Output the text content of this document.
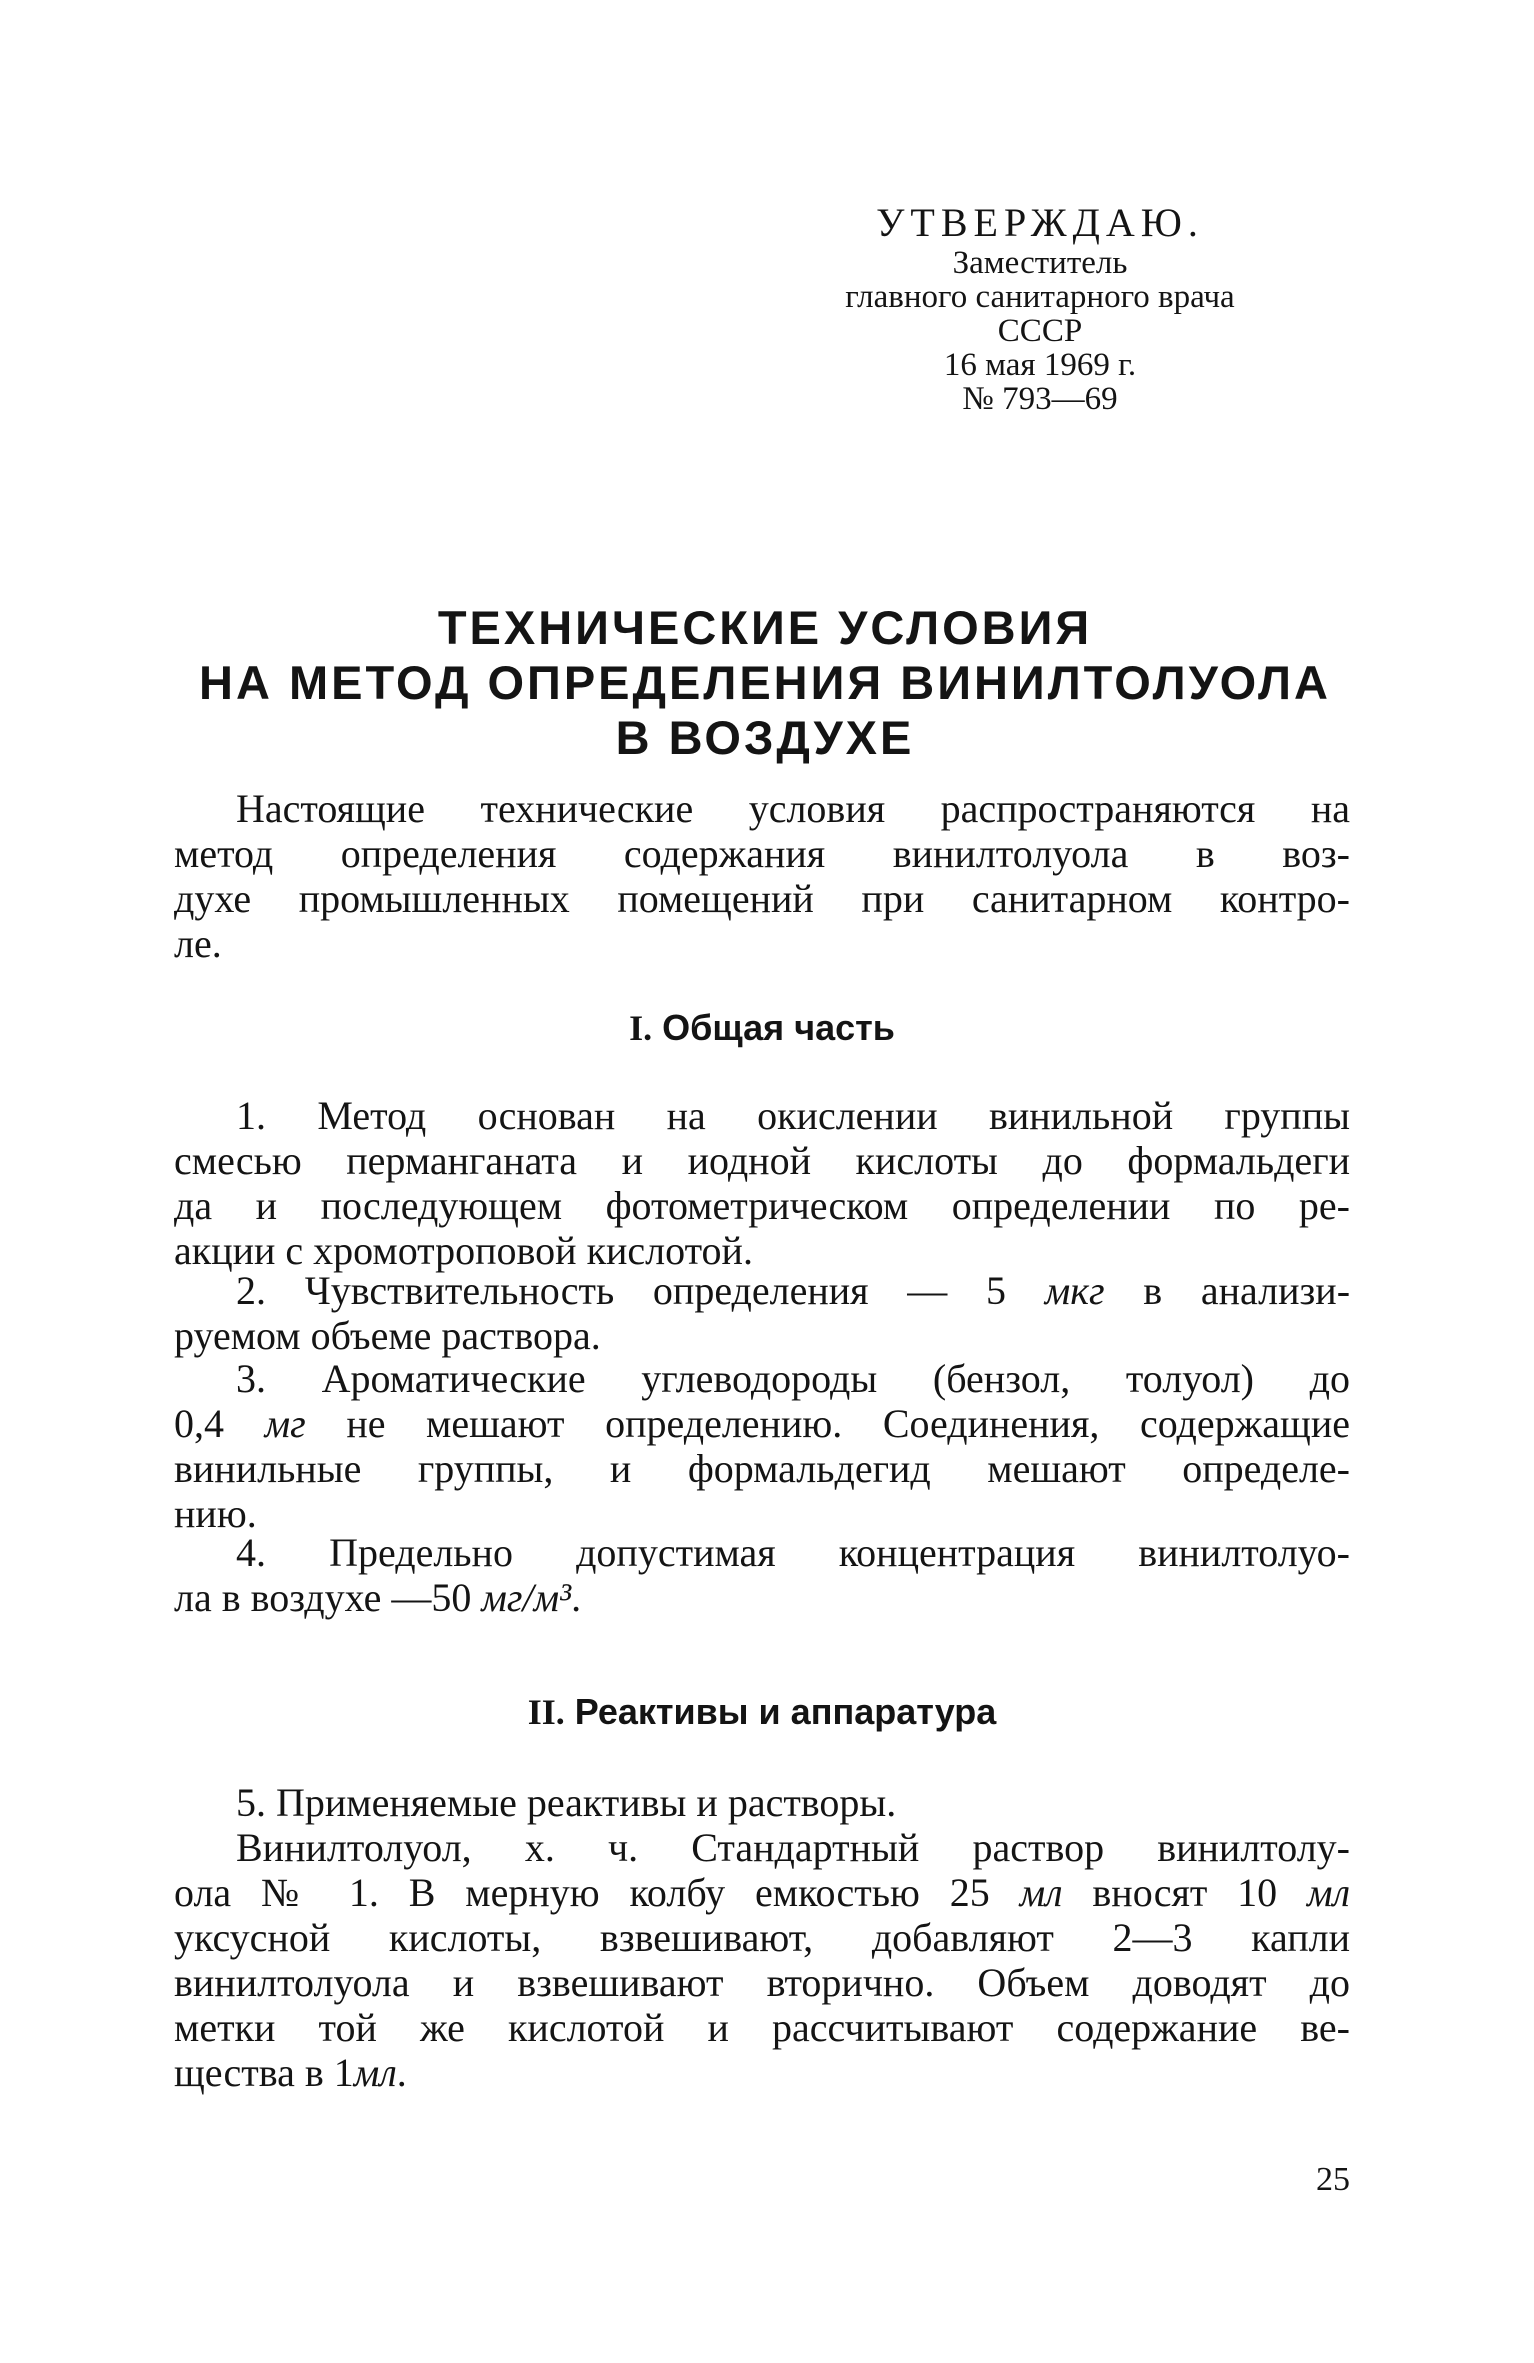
УТВЕРЖДАЮ.
Заместитель
главного санитарного врача
СССР
16 мая 1969 г.
№ 793—69
ТЕХНИЧЕСКИЕ УСЛОВИЯ
НА МЕТОД ОПРЕДЕЛЕНИЯ ВИНИЛТОЛУОЛА
В ВОЗДУХЕ
Настоящие технические условия распространяются на
метод определения содержания винилтолуола в воз-
духе промышленных помещений при санитарном контро-
ле.
I. Общая часть
1. Метод основан на окислении винильной группы
смесью перманганата и иодной кислоты до формальдеги
да и последующем фотометрическом определении по ре-
акции с хромотроповой кислотой.
2. Чувствительность определения — 5 мкг в анализи-
руемом объеме раствора.
3. Ароматические углеводороды (бензол, толуол) до
0,4 мг не мешают определению. Соединения, содержащие
винильные группы, и формальдегид мешают определе-
нию.
4. Предельно допустимая концентрация винилтолуо-
ла в воздухе —50 мг/м³.
II. Реактивы и аппаратура
5. Применяемые реактивы и растворы.
Винилтолуол, х. ч. Стандартный раствор винилтолу-
ола № 1. В мерную колбу емкостью 25 мл вносят 10 мл
уксусной кислоты, взвешивают, добавляют 2—3 капли
винилтолуола и взвешивают вторично. Объем доводят до
метки той же кислотой и рассчитывают содержание ве-
щества в 1мл.
25
